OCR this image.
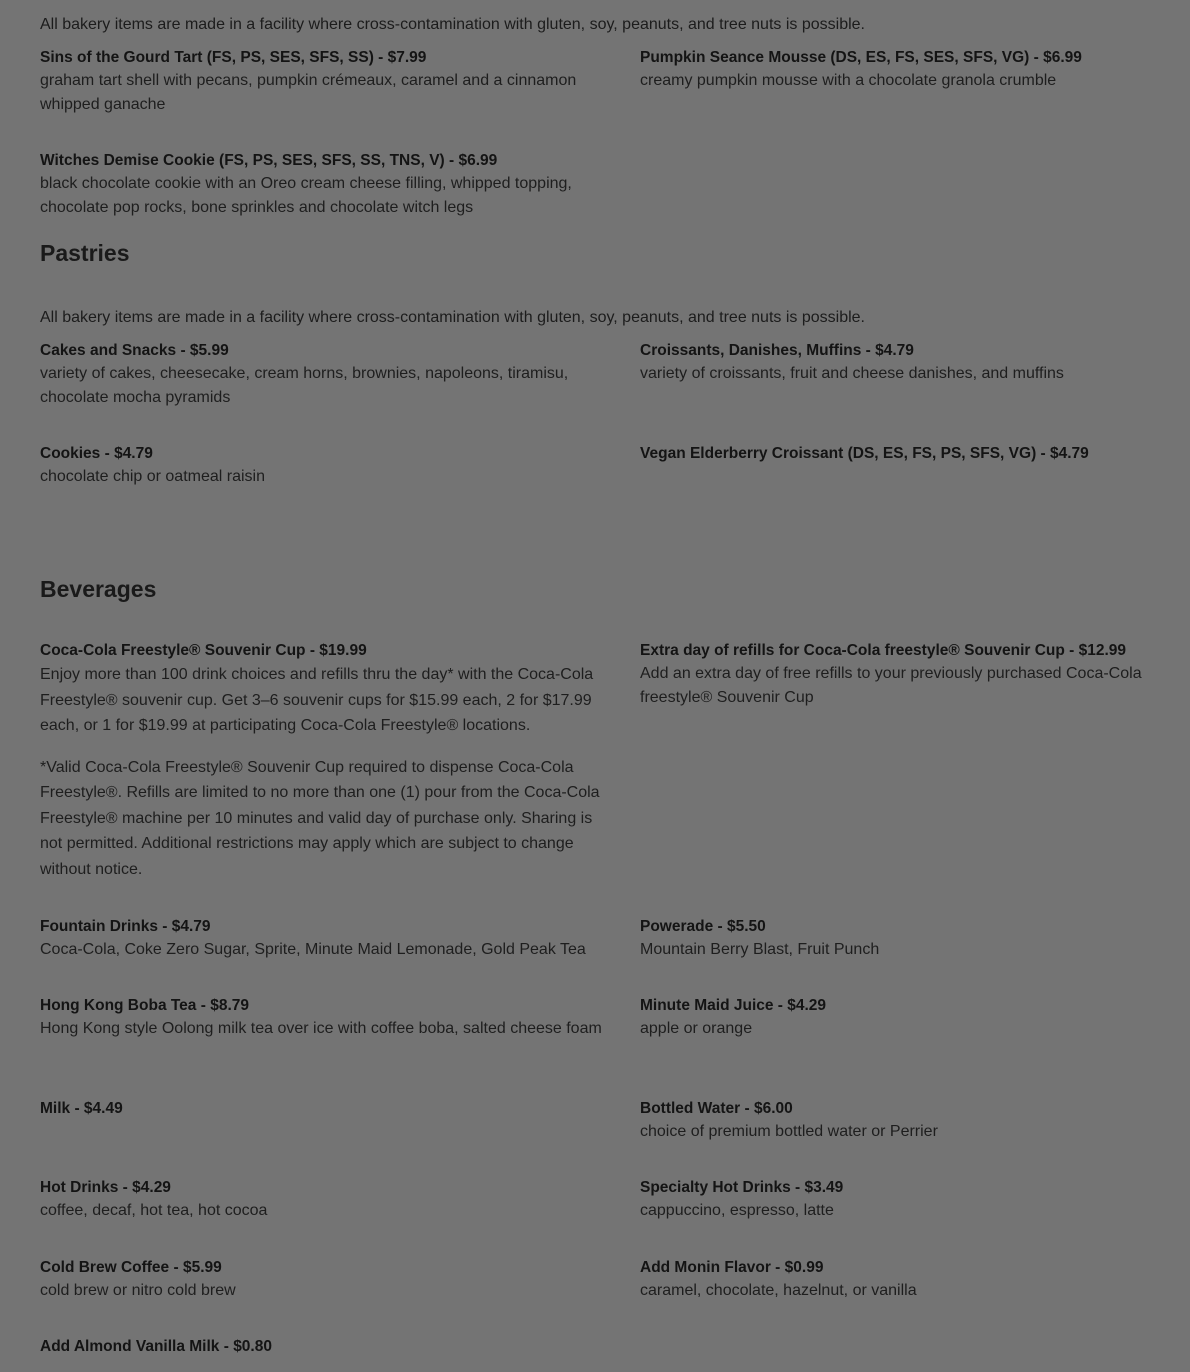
All bakery items are made in a facility where cross-contamination with gluten, soy, peanuts, and tree nuts is possible.
Sins of the Gourd Tart (FS, PS, SES, SFS, SS) - $7.99
graham tart shell with pecans, pumpkin crémeaux, caramel and a cinnamon whipped ganache
Pumpkin Seance Mousse (DS, ES, FS, SES, SFS, VG) - $6.99
creamy pumpkin mousse with a chocolate granola crumble
Witches Demise Cookie (FS, PS, SES, SFS, SS, TNS, V) - $6.99
black chocolate cookie with an Oreo cream cheese filling, whipped topping, chocolate pop rocks, bone sprinkles and chocolate witch legs
Pastries
All bakery items are made in a facility where cross-contamination with gluten, soy, peanuts, and tree nuts is possible.
Cakes and Snacks - $5.99
variety of cakes, cheesecake, cream horns, brownies, napoleons, tiramisu, chocolate mocha pyramids
Croissants, Danishes, Muffins - $4.79
variety of croissants, fruit and cheese danishes, and muffins
Cookies - $4.79
chocolate chip or oatmeal raisin
Vegan Elderberry Croissant (DS, ES, FS, PS, SFS, VG) - $4.79
Beverages
Coca-Cola Freestyle® Souvenir Cup - $19.99
Enjoy more than 100 drink choices and refills thru the day* with the Coca-Cola Freestyle® souvenir cup. Get 3–6 souvenir cups for $15.99 each, 2 for $17.99 each, or 1 for $19.99 at participating Coca-Cola Freestyle® locations.
*Valid Coca-Cola Freestyle® Souvenir Cup required to dispense Coca-Cola Freestyle®. Refills are limited to no more than one (1) pour from the Coca-Cola Freestyle® machine per 10 minutes and valid day of purchase only. Sharing is not permitted. Additional restrictions may apply which are subject to change without notice.
Extra day of refills for Coca-Cola freestyle® Souvenir Cup - $12.99
Add an extra day of free refills to your previously purchased Coca-Cola freestyle® Souvenir Cup
Fountain Drinks - $4.79
Coca-Cola, Coke Zero Sugar, Sprite, Minute Maid Lemonade, Gold Peak Tea
Powerade - $5.50
Mountain Berry Blast, Fruit Punch
Hong Kong Boba Tea - $8.79
Hong Kong style Oolong milk tea over ice with coffee boba, salted cheese foam
Minute Maid Juice - $4.29
apple or orange
Milk - $4.49	Bottled Water - $6.00
choice of premium bottled water or Perrier
Hot Drinks - $4.29
coffee, decaf, hot tea, hot cocoa
Specialty Hot Drinks - $3.49
cappuccino, espresso, latte
Cold Brew Coffee - $5.99
cold brew or nitro cold brew
Add Monin Flavor - $0.99
caramel, chocolate, hazelnut, or vanilla
Add Almond Vanilla Milk - $0.80
